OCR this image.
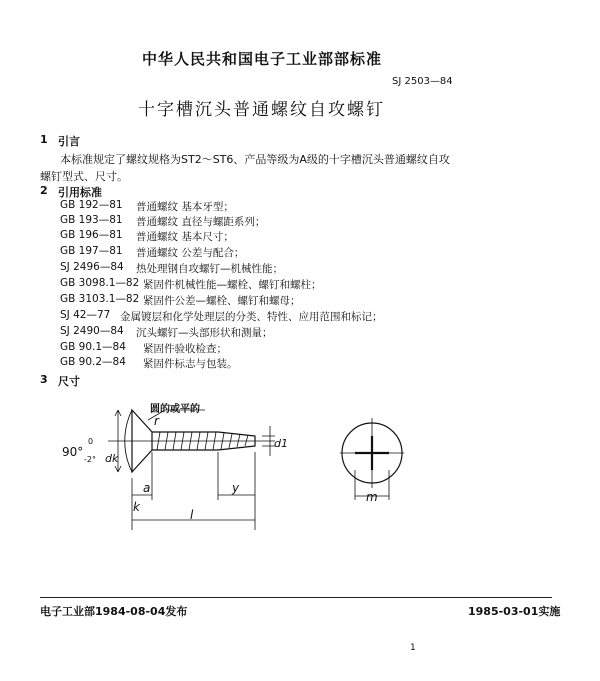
中华人民共和国电子工业部部标准
SJ 2503—84
十字槽沉头普通螺纹自攻螺钉
1 引言
本标准规定了螺纹规格为ST2～ST6、产品等级为A级的十字槽沉头普通螺纹自攻
螺钉型式、尺寸。
2 引用标准
GB 192—81 普通螺纹 基本牙型；
GB 193—81 普通螺纹 直径与螺距系列；
GB 196—81 普通螺纹 基本尺寸；
GB 197—81 普通螺纹 公差与配合；
SJ 2496—84 热处理钢自攻螺钉—机械性能；
GB 3098.1—82 紧固件机械性能—螺栓、螺钉和螺柱；
GB 3103.1—82 紧固件公差—螺栓、螺钉和螺母；
SJ 42—77 金属镀层和化学处理层的分类、特性、应用范围和标记；
SJ 2490—84 沉头螺钉—头部形状和测量；
GB 90.1—84 紧固件验收检查；
GB 90.2—84 紧固件标志与包装。
3 尺寸
圆的或平的
90°
0
-2°
r
dk
a	y
k
l
d1
m
电子工业部1984-08-04发布	1985-03-01实施
1
